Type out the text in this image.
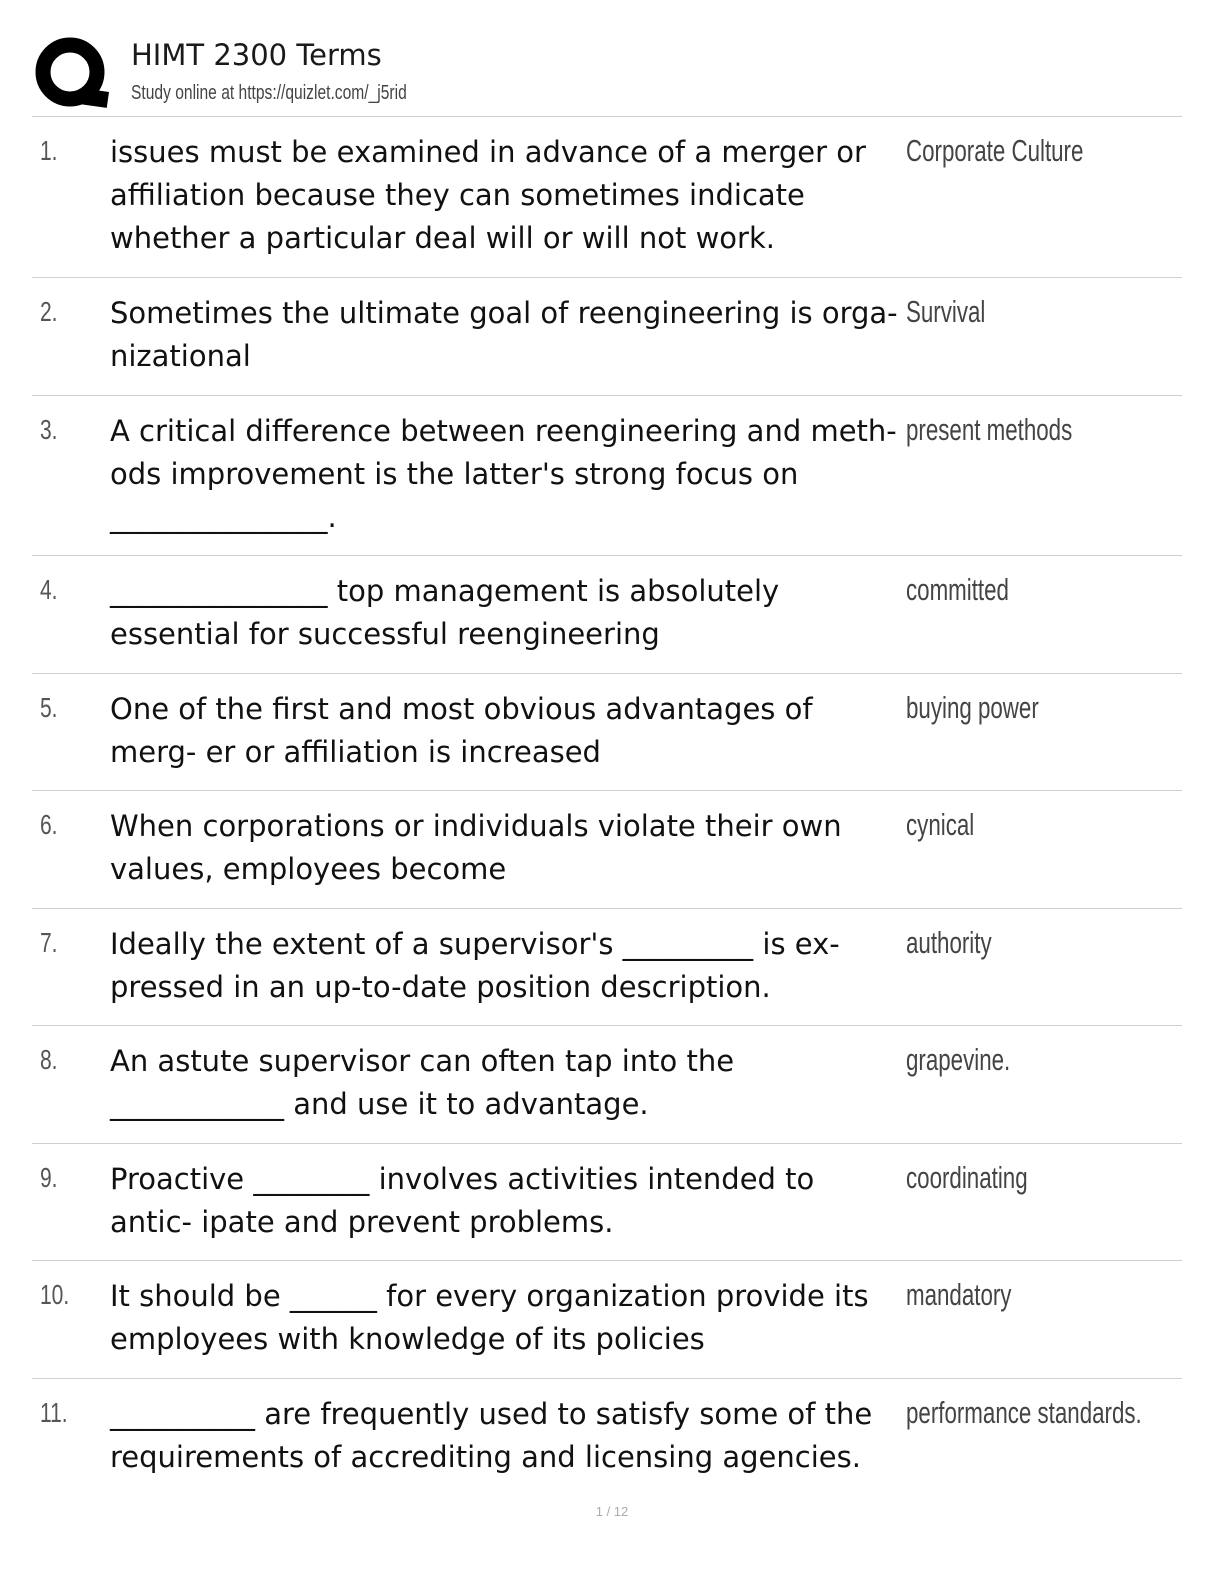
HIMT 2300 Terms
Study online at https://quizlet.com/_j5rid
1. issues must be examined in advance of a merger or affiliation because they can sometimes indicate whether a particular deal will or will not work.
Corporate Culture
2. Sometimes the ultimate goal of reengineering is orga- nizational
Survival
3. A critical difference between reengineering and meth- ods improvement is the latter's strong focus on _______________.
present methods
4. _______________ top management is absolutely essential for successful reengineering
committed
5. One of the first and most obvious advantages of merg- er or affiliation is increased
buying power
6. When corporations or individuals violate their own values, employees become
cynical
7. Ideally the extent of a supervisor's _________ is ex- pressed in an up-to-date position description.
authority
8. An astute supervisor can often tap into the ____________ and use it to advantage.
grapevine.
9. Proactive ________ involves activities intended to antic- ipate and prevent problems.
coordinating
10. It should be ______ for every organization provide its employees with knowledge of its policies
mandatory
11. __________ are frequently used to satisfy some of the requirements of accrediting and licensing agencies.
performance standards.
1 / 12
